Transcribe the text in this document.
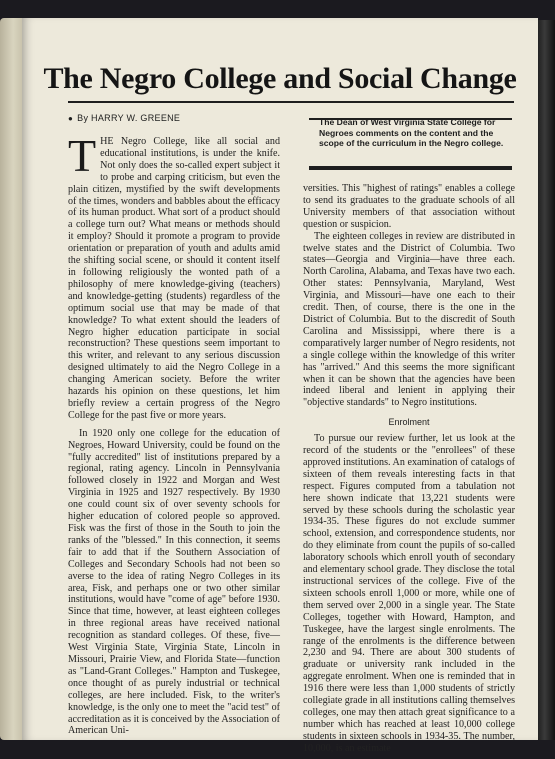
The Negro College and Social Change
● By HARRY W. GREENE

THE Negro College, like all social and educational institutions, is under the knife. Not only does the so-called expert subject it to probe and carping criticism, but even the plain citizen, mystified by the swift developments of the times, wonders and babbles about the efficacy of its human product. What sort of a product should a college turn out? What means or methods should it employ? Should it promote a program to provide orientation or preparation of youth and adults amid the shifting social scene, or should it content itself in following religiously the wonted path of a philosophy of mere knowledge-giving (teachers) and knowledge-getting (students) regardless of the optimum social use that may be made of that knowledge? To what extent should the leaders of Negro higher education participate in social reconstruction? These questions seem important to this writer, and relevant to any serious discussion designed ultimately to aid the Negro College in a changing American society. Before the writer hazards his opinion on these questions, let him briefly review a certain progress of the Negro College for the past five or more years.

In 1920 only one college for the education of Negroes, Howard University, could be found on the "fully accredited" list of institutions prepared by a regional, rating agency. Lincoln in Pennsylvania followed closely in 1922 and Morgan and West Virginia in 1925 and 1927 respectively. By 1930 one could count six of over seventy schools for higher education of colored people so approved. Fisk was the first of those in the South to join the ranks of the "blessed." In this connection, it seems fair to add that if the Southern Association of Colleges and Secondary Schools had not been so averse to the idea of rating Negro Colleges in its area, Fisk, and perhaps one or two other similar institutions, would have "come of age" before 1930. Since that time, however, at least eighteen colleges in three regional areas have received national recognition as standard colleges. Of these, five—West Virginia State, Virginia State, Lincoln in Missouri, Prairie View, and Florida State—function as "Land-Grant Colleges." Hampton and Tuskegee, once thought of as purely industrial or technical colleges, are here included. Fisk, to the writer's knowledge, is the only one to meet the "acid test" of accreditation as it is conceived by the Association of American Uni-

The Dean of West Virginia State College for Negroes comments on the content and the scope of the curriculum in the Negro college.

versities. This "highest of ratings" enables a college to send its graduates to the graduate schools of all University members of that association without question or suspicion.

The eighteen colleges in review are distributed in twelve states and the District of Columbia. Two states—Georgia and Virginia—have three each. North Carolina, Alabama, and Texas have two each. Other states: Pennsylvania, Maryland, West Virginia, and Missouri—have one each to their credit. Then, of course, there is the one in the District of Columbia. But to the discredit of South Carolina and Mississippi, where there is a comparatively larger number of Negro residents, not a single college within the knowledge of this writer has "arrived." And this seems the more significant when it can be shown that the agencies have been indeed liberal and lenient in applying their "objective standards" to Negro institutions.

Enrolment

To pursue our review further, let us look at the record of the students or the "enrollees" of these approved institutions. An examination of catalogs of sixteen of them reveals interesting facts in that respect. Figures computed from a tabulation not here shown indicate that 13,221 students were served by these schools during the scholastic year 1934-35. These figures do not exclude summer school, extension, and correspondence students, nor do they eliminate from count the pupils of so-called laboratory schools which enroll youth of secondary and elementary school grade. They disclose the total instructional services of the college. Five of the sixteen schools enroll 1,000 or more, while one of them served over 2,000 in a single year. The State Colleges, together with Howard, Hampton, and Tuskegee, have the largest single enrolments. The range of the enrolments is the difference between 2,230 and 94. There are about 300 students of graduate or university rank included in the aggregate enrolment. When one is reminded that in 1916 there were less than 1,000 students of strictly collegiate grade in all institutions calling themselves colleges, one may then attach great significance to a number which has reached at least 10,000 college students in sixteen schools in 1934-35. The number, 10,000, is an estimate
